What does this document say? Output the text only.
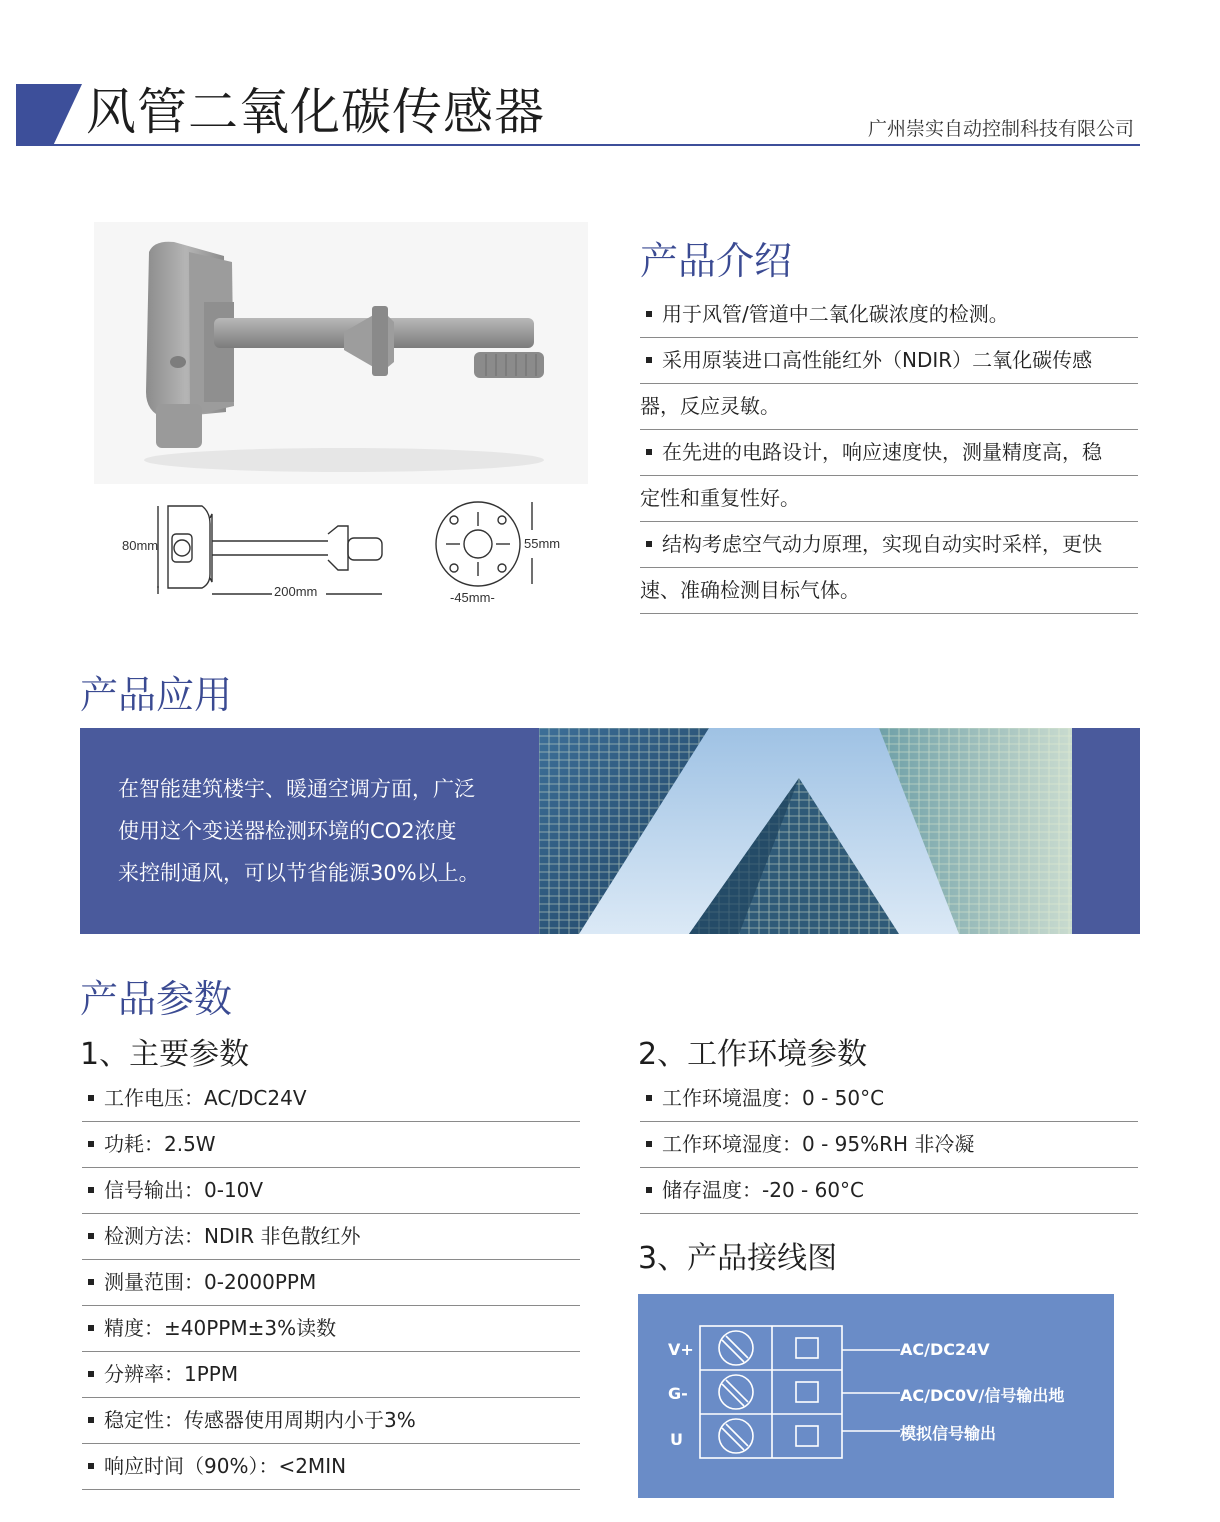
风管二氧化碳传感器	广州崇实自动控制科技有限公司
80mm
200mm
55mm
-45mm-
产品介绍
用于风管/管道中二氧化碳浓度的检测。
采用原装进口高性能红外（NDIR）二氧化碳传感
器，反应灵敏。
在先进的电路设计，响应速度快，测量精度高，稳
定性和重复性好。
结构考虑空气动力原理，实现自动实时采样，更快
速、准确检测目标气体。
产品应用
在智能建筑楼宇、暖通空调方面，广泛
使用这个变送器检测环境的CO2浓度
来控制通风，可以节省能源30%以上。
产品参数
1、主要参数
工作电压：AC/DC24V
功耗：2.5W
信号输出：0-10V
检测方法：NDIR 非色散红外
测量范围：0-2000PPM
精度：±40PPM±3%读数
分辨率：1PPM
稳定性：传感器使用周期内小于3%
响应时间（90%）：<2MIN
2、工作环境参数
工作环境温度：0 - 50°C
工作环境湿度：0 - 95%RH 非冷凝
储存温度：-20 - 60°C
3、产品接线图
V+
G-
U
AC/DC24V
AC/DC0V/信号输出地
模拟信号输出
